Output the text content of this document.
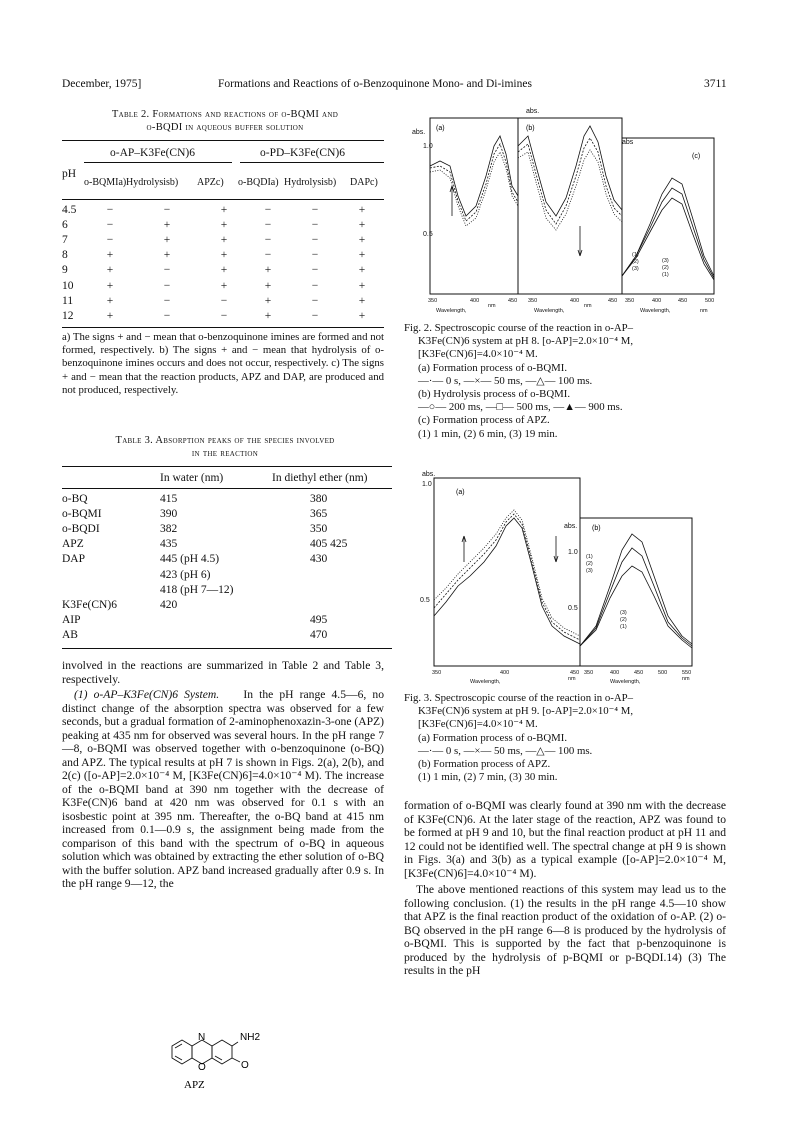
December, 1975]	Formations and Reactions of o-Benzoquinone Mono- and Di-imines	3711
Table 2. Formations and reactions of o-BQMI and
o-BQDI in aqueous buffer solution
o-AP–K3Fe(CN)6	o-PD–K3Fe(CN)6
pH
o-BQMIa) Hydrolysisb) APZc) o-BQDIa) Hydrolysisb) DAPc)
4.5	−	−	+	−	−	+
6	−	+	+	−	−	+
7	−	+	+	−	−	+
8	+	+	+	−	−	+
9	+	−	+	+	−	+
10	+	−	+	+	−	+
11	+	−	−	+	−	+
12	+	−	−	+	−	+
a) The signs + and − mean that o-benzoquinone imines are formed and not formed, respectively. b) The signs + and − mean that hydrolysis of o-benzoquinone imines occurs and does not occur, respectively. c) The signs + and − mean that the reaction products, APZ and DAP, are produced and not produced, respectively.
Table 3. Absorption peaks of the species involved
in the reaction
In water (nm)	In diethyl ether (nm)
o-BQ	415	380
o-BQMI	390	365
o-BQDI	382	350
APZ	435	405 425
DAP	445 (pH 4.5)	430
	423 (pH 6)	
	418 (pH 7—12)	
K3Fe(CN)6	420	
AIP		495
AB		470
involved in the reactions are summarized in Table 2 and Table 3, respectively.
(1) o-AP–K3Fe(CN)6 System. In the pH range 4.5—6, no distinct change of the absorption spectra was observed for a few seconds, but a gradual formation of 2-aminophenoxazin-3-one (APZ) peaking at 435 nm for observed was several hours. In the pH range 7—8, o-BQMI was observed together with o-benzoquinone (o-BQ) and APZ. The typical results at pH 7 is shown in Figs. 2(a), 2(b), and 2(c) ([o-AP]=2.0×10⁻⁴ M, [K3Fe(CN)6]=4.0×10⁻⁴ M). The increase of the o-BQMI band at 390 nm together with the decrease of K3Fe(CN)6 band at 420 nm was observed for 0.1 s with an isosbestic point at 395 nm. Thereafter, the o-BQ band at 415 nm increased from 0.1—0.9 s, the assignment being made from the comparison of this band with the spectrum of o-BQ in aqueous solution which was obtained by extracting the ether solution of o-BQ with the buffer solution. APZ band increased gradually after 0.9 s. In the pH range 9—12, the
N
O
NH2
O
APZ
abs.
0.5
1.0
abs.
abs
(a)	(b)
(c)
(1)
(2)
(3)
(3)
(2)
(1)
350	400	450 350	400	450 350	400	450	500
Wavelength,
nm
Wavelength,
nm
Wavelength,	nm
Fig. 2. Spectroscopic course of the reaction in o-AP–
K3Fe(CN)6 system at pH 8. [o-AP]=2.0×10⁻⁴ M,
[K3Fe(CN)6]=4.0×10⁻⁴ M.
(a) Formation process of o-BQMI.
—·— 0 s, —×— 50 ms, —△— 100 ms.
(b) Hydrolysis process of o-BQMI.
—○— 200 ms, —□— 500 ms, —▲— 900 ms.
(c) Formation process of APZ.
(1) 1 min, (2) 6 min, (3) 19 min.
abs.
1.0
0.5
abs.
1.0
0.5
(a)
(b)
(1)
(2)
(3)
(3)
(2)
(1)
350	400	450 350	400	450	500	550
Wavelength,	nm	Wavelength,	nm
Fig. 3. Spectroscopic course of the reaction in o-AP–
K3Fe(CN)6 system at pH 9. [o-AP]=2.0×10⁻⁴ M,
[K3Fe(CN)6]=4.0×10⁻⁴ M.
(a) Formation process of o-BQMI.
—·— 0 s, —×— 50 ms, —△— 100 ms.
(b) Formation process of APZ.
(1) 1 min, (2) 7 min, (3) 30 min.
formation of o-BQMI was clearly found at 390 nm with the decrease of K3Fe(CN)6. At the later stage of the reaction, APZ was found to be formed at pH 9 and 10, but the final reaction product at pH 11 and 12 could not be identified well. The spectral change at pH 9 is shown in Figs. 3(a) and 3(b) as a typical example ([o-AP]=2.0×10⁻⁴ M, [K3Fe(CN)6]=4.0×10⁻⁴ M).
The above mentioned reactions of this system may lead us to the following conclusion. (1) the results in the pH range 4.5—10 show that APZ is the final reaction product of the oxidation of o-AP. (2) o-BQ observed in the pH range 6—8 is produced by the hydrolysis of o-BQMI. This is supported by the fact that p-benzoquinone is produced by the hydrolysis of p-BQMI or p-BQDI.14) (3) The results in the pH
